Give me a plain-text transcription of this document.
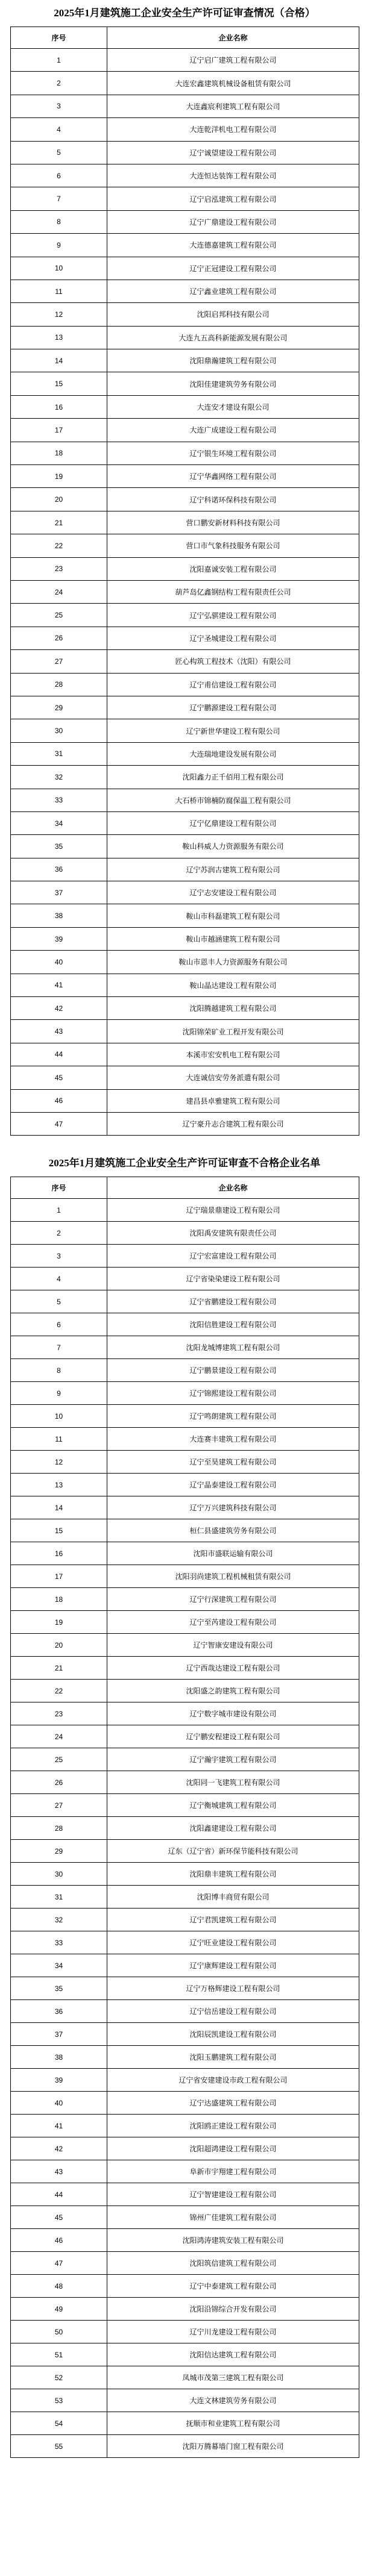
2025年1月建筑施工企业安全生产许可证审查情况（合格）
序号	企业名称
1	辽宁启广建筑工程有限公司
2	大连宏鑫建筑机械设备租赁有限公司
3	大连鑫宸利建筑工程有限公司
4	大连乾洋机电工程有限公司
5	辽宁诚望建设工程有限公司
6	大连恒达装饰工程有限公司
7	辽宁启泓建筑工程有限公司
8	辽宁广鼎建设工程有限公司
9	大连德嘉建筑工程有限公司
10	辽宁正冠建设工程有限公司
11	辽宁鑫业建筑工程有限公司
12	沈阳启邦科技有限公司
13	大连九五高科新能源发展有限公司
14	沈阳鼎瀚建筑工程有限公司
15	沈阳佳建建筑劳务有限公司
16	大连安才建设有限公司
17	大连广成建设工程有限公司
18	辽宁银生环境工程有限公司
19	辽宁华鑫网络工程有限公司
20	辽宁科诺环保科技有限公司
21	营口鹏安新材料科技有限公司
22	营口市气象科技服务有限公司
23	沈阳嘉诚安装工程有限公司
24	葫芦岛亿鑫钢结构工程有限责任公司
25	辽宁弘骐建设工程有限公司
26	辽宁圣城建设工程有限公司
27	匠心构筑工程技术（沈阳）有限公司
28	辽宁甫信建设工程有限公司
29	辽宁鹏源建设工程有限公司
30	辽宁新世华建设工程有限公司
31	大连瑞地建设发展有限公司
32	沈阳鑫力正千佰用工程有限公司
33	大石桥市锦楠防腐保温工程有限公司
34	辽宁亿鼎建设工程有限公司
35	鞍山科威人力资源服务有限公司
36	辽宁苏润古建筑工程有限公司
37	辽宁志安建设工程有限公司
38	鞍山市科磊建筑工程有限公司
39	鞍山市越涵建筑工程有限公司
40	鞍山市恩丰人力资源服务有限公司
41	鞍山晶达建设工程有限公司
42	沈阳腾越建筑工程有限公司
43	沈阳锦荣矿业工程开发有限公司
44	本溪市宏安机电工程有限公司
45	大连诚信安劳务派遣有限公司
46	建昌县卓雅建筑工程有限公司
47	辽宁豪升志合建筑工程有限公司
2025年1月建筑施工企业安全生产许可证审查不合格企业名单
序号	企业名称
1	辽宁瑞景鼎建设工程有限公司
2	沈阳禹安建筑有限责任公司
3	辽宁宏富建设工程有限公司
4	辽宁省染染建设工程有限公司
5	辽宁省鹏建设工程有限公司
6	沈阳信胜建设工程有限公司
7	沈阳龙城博建筑工程有限公司
8	辽宁鹏景建设工程有限公司
9	辽宁锦熙建设工程有限公司
10	辽宁鸣朗建筑工程有限公司
11	大连赛丰建筑工程有限公司
12	辽宁至昊建筑工程有限公司
13	辽宁晶泰建设工程有限公司
14	辽宁万兴建筑科技有限公司
15	桓仁县盛建筑劳务有限公司
16	沈阳市盛联运输有限公司
17	沈阳羽尚建筑工程机械租赁有限公司
18	辽宁行深建筑工程有限公司
19	辽宁至芮建设工程有限公司
20	辽宁智康安建设有限公司
21	辽宁西哉达建设工程有限公司
22	沈阳盛之韵建筑工程有限公司
23	辽宁数字城市建设有限公司
24	辽宁鹏安程建设工程有限公司
25	辽宁瀚宇建筑工程有限公司
26	沈阳同一飞建筑工程有限公司
27	辽宁衡城建筑工程有限公司
28	沈阳鑫建建设工程有限公司
29	辽东（辽宁省）新环保节能科技有限公司
30	沈阳鼎丰建筑工程有限公司
31	沈阳博丰商贸有限公司
32	辽宁君凯建筑工程有限公司
33	辽宁旺业建设工程有限公司
34	辽宁康辉建设工程有限公司
35	辽宁万格辉建设工程有限公司
36	辽宁信岳建设工程有限公司
37	沈阳辰凯建设工程有限公司
38	沈阳玉鹏建筑工程有限公司
39	辽宁省安建建设市政工程有限公司
40	辽宁达盛建筑工程有限公司
41	沈阳鸥正建设工程有限公司
42	沈阳超鸿建设工程有限公司
43	阜新市宇翔建工程有限公司
44	辽宁智建建设工程有限公司
45	锦州广佳建筑工程有限公司
46	沈阳鸿涛建筑安装工程有限公司
47	沈阳筑信建筑工程有限公司
48	辽宁中泰建筑工程有限公司
49	沈阳沿锦综合开发有限公司
50	辽宁川龙建设工程有限公司
51	沈阳信达建筑工程有限公司
52	凤城市茂第三建筑工程有限公司
53	大连文林建筑劳务有限公司
54	抚顺市和业建筑工程有限公司
55	沈阳万腾幕墙门窗工程有限公司
